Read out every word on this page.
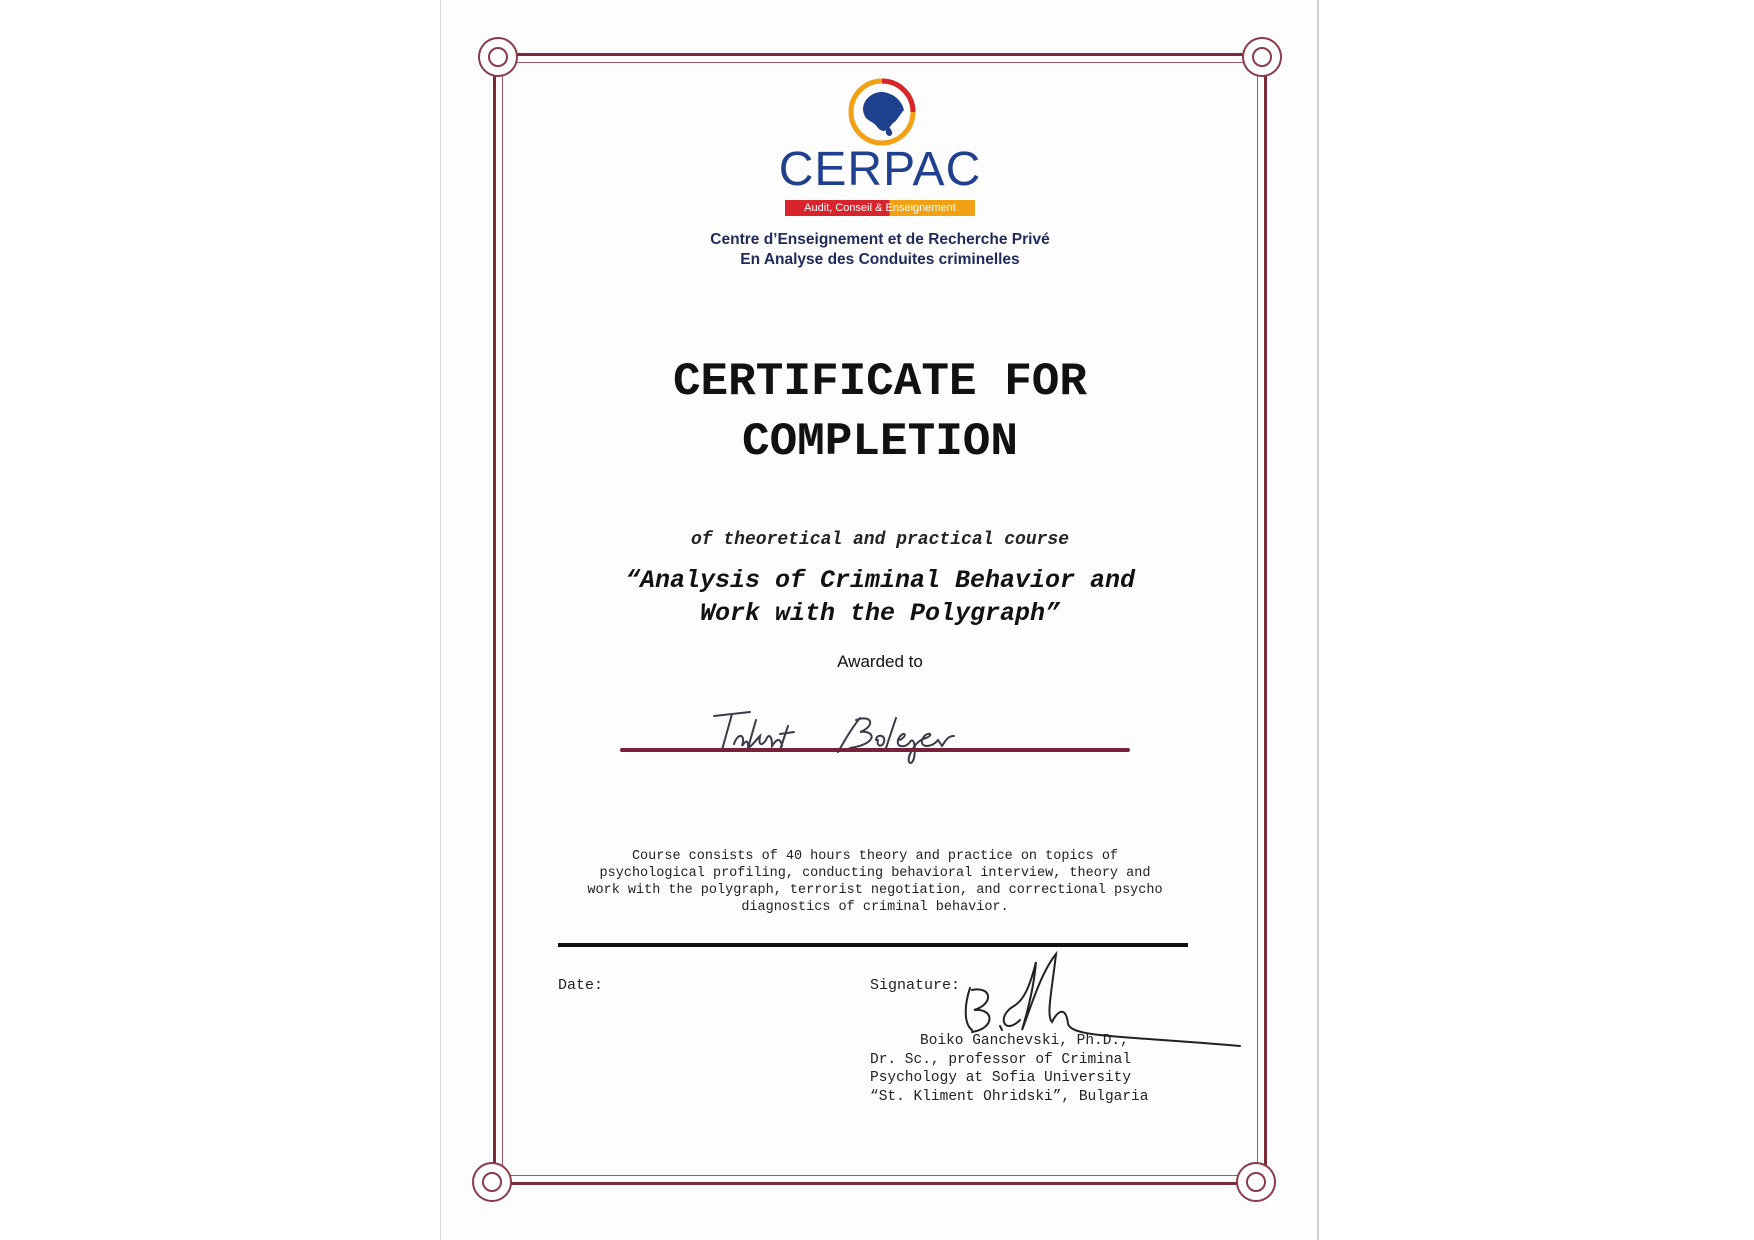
CERPAC
Audit, Conseil & Enseignement
Centre d’Enseignement et de Recherche Privé
En Analyse des Conduites criminelles
CERTIFICATE FOR
COMPLETION
of theoretical and practical course
“Analysis of Criminal Behavior and
Work with the Polygraph”
Awarded to
Talant Bolegev
Course consists of 40 hours theory and practice on topics of
psychological profiling, conducting behavioral interview, theory and
work with the polygraph, terrorist negotiation, and correctional psycho
diagnostics of criminal behavior.
Date:	Signature:
Boiko Ganchevski, Ph.D.,
Dr. Sc., professor of Criminal
Psychology at Sofia University
“St. Kliment Ohridski”, Bulgaria
